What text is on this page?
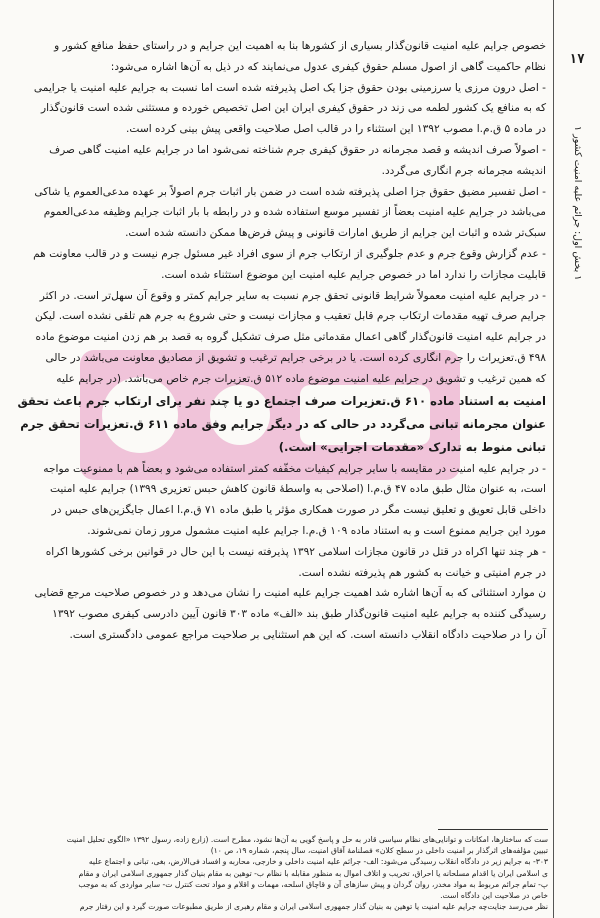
۱۷
۱ بخش اول: جرائم علیه امنیت کشور ۱
خصوص جرایم علیه امنیت قانون‌گذار بسیاری از کشورها بنا به اهمیت این جرایم و در راستای حفظ منافع کشور و
نظام حاکمیت گاهی از اصول مسلم حقوق کیفری عدول می‌نمایند که در ذیل به آن‌ها اشاره می‌شود:
- اصل درون مرزی یا سرزمینی بودن حقوق جزا یک اصل پذیرفته شده است اما نسبت به جرایم علیه امنیت یا جرایمی
که به منافع یک کشور لطمه می زند در حقوق کیفری ایران این اصل تخصیص خورده و مستثنی شده است قانون‌گذار
در ماده ۵ ق.م.ا مصوب ۱۳۹۲ این استثناء را در قالب اصل صلاحیت واقعی پیش بینی کرده است.
- اصولاً صرف اندیشه و قصد مجرمانه در حقوق کیفری جرم شناخته نمی‌شود اما در جرایم علیه امنیت گاهی صرف
اندیشه مجرمانه جرم انگاری می‌گردد.
- اصل تفسیر مضیق حقوق جزا اصلی پذیرفته شده است در ضمن بار اثبات جرم اصولاً بر عهده مدعی‌العموم یا شاکی
می‌باشد در جرایم علیه امنیت بعضاً از تفسیر موسع استفاده شده و در رابطه با بار اثبات جرایم وظیفه مدعی‌العموم
سبک‌تر شده و اثبات این جرایم از طریق امارات قانونی و پیش فرض‌ها ممکن دانسته شده است.
- عدم گزارش وقوع جرم و عدم جلوگیری از ارتکاب جرم از سوی افراد غیر مسئول جرم نیست و در قالب معاونت هم
قابلیت مجازات را ندارد اما در خصوص جرایم علیه امنیت این موضوع استثناء شده است.
- در جرایم علیه امنیت معمولاً شرایط قانونی تحقق جرم نسبت به سایر جرایم کمتر و وقوع آن سهل‌تر است. در اکثر
جرایم صرف تهیه مقدمات ارتکاب جرم قابل تعقیب و مجازات نیست و حتی شروع به جرم هم تلقی نشده است. لیکن
در جرایم علیه امنیت قانون‌گذار گاهی اعمال مقدماتی مثل صرف تشکیل گروه به قصد بر هم زدن امنیت موضوع ماده
۴۹۸ ق.تعزیرات را جرم انگاری کرده است. یا در برخی جرایم ترغیب و تشویق از مصادیق معاونت می‌باشد در حالی
که همین ترغیب و تشویق در جرایم علیه امنیت موضوع ماده ۵۱۲ ق.تعزیرات جرم خاص می‌باشد. (در جرایم علیه
امنیت به استناد ماده ۶۱۰ ق.تعزیرات صرف اجتماع دو یا چند نفر برای ارتکاب جرم باعث تحقق
عنوان مجرمانه تبانی می‌گردد در حالی که در دیگر جرایم وفق ماده ۶۱۱ ق.تعزیرات تحقق جرم
تبانی منوط به تدارک «مقدمات اجرایی» است.)
- در جرایم علیه امنیت در مقایسه با سایر جرایم کیفیات مخفّفه کمتر استفاده می‌شود و بعضاً هم با ممنوعیت مواجه
است، به عنوان مثال طبق ماده ۴۷ ق.م.ا (اصلاحی به واسطهٔ قانون کاهش حبس تعزیری ۱۳۹۹) جرایم علیه امنیت
داخلی قابل تعویق و تعلیق نیست مگر در صورت همکاری مؤثر یا طبق ماده ۷۱ ق.م.ا اعمال جایگزین‌های حبس در
مورد این جرایم ممنوع است و به استناد ماده ۱۰۹ ق.م.ا جرایم علیه امنیت مشمول مرور زمان نمی‌شوند.
- هر چند تنها اکراه در قتل در قانون مجازات اسلامی ۱۳۹۲ پذیرفته نیست با این حال در قوانین برخی کشورها اکراه
در جرم امنیتی و خیانت به کشور هم پذیرفته نشده است.
ن موارد استثنائی که به آن‌ها اشاره شد اهمیت جرایم علیه امنیت را نشان می‌دهد و در خصوص صلاحیت مرجع قضایی
رسیدگی کننده به جرایم علیه امنیت قانون‌گذار طبق بند «الف» ماده ۳۰۳ قانون آیین دادرسی کیفری مصوب ۱۳۹۲
آن را در صلاحیت دادگاه انقلاب دانسته است. که این هم استثنایی بر صلاحیت مراجع عمومی دادگستری است.
ست که ساختارها، امکانات و توانایی‌های نظام سیاسی قادر به حل و پاسخ گویی به آن‌ها نشود، مطرح است. (زارع زاده، رسول ۱۳۹۲ «الگوی تحلیل امنیت
تبیین مؤلفه‌های اثرگذار بر امنیت داخلی در سطح کلان» فصلنامهٔ آفاق امنیت، سال پنجم، شماره ۱۹، ص ۱۰)
۳۰۳- به جرایم زیر در دادگاه انقلاب رسیدگی می‌شود: الف- جرائم علیه امنیت داخلی و خارجی، محاربه و افساد فی‌الارض، بغی، تبانی و اجتماع علیه
ی اسلامی ایران یا اقدام مسلحانه یا احراق، تخریب و اتلاف اموال به منظور مقابله با نظام ب- توهین به مقام بنیان گذار جمهوری اسلامی ایران و مقام
پ- تمام جرائم مربوط به مواد مخدر، روان گردان و پیش سازهای آن و قاچاق اسلحه، مهمات و اقلام و مواد تحت کنترل ت- سایر مواردی که به موجب
خاص در صلاحیت این دادگاه است.
نظر می‌رسد جنایت‌چه جرایم علیه امنیت یا توهین به بنیان گذار جمهوری اسلامی ایران و مقام رهبری از طریق مطبوعات صورت گیرد و این رفتار جرم
